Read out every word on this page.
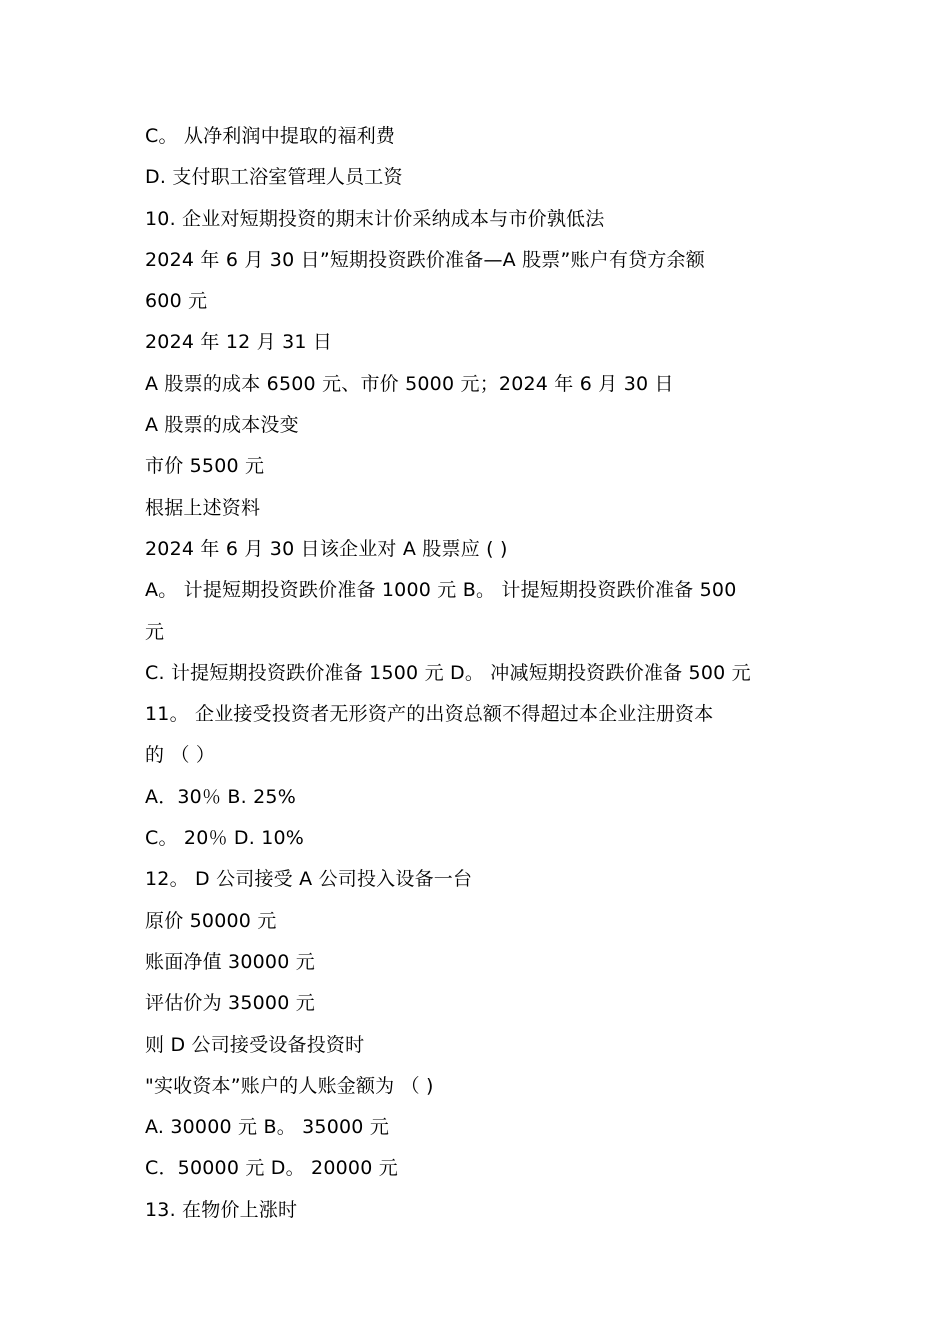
C。 从净利润中提取的福利费
D. 支付职工浴室管理人员工资
10. 企业对短期投资的期末计价采纳成本与市价孰低法
2024 年 6 月 30 日”短期投资跌价准备—A 股票”账户有贷方余额
600 元
2024 年 12 月 31 日
A 股票的成本 6500 元、市价 5000 元；2024 年 6 月 30 日
A 股票的成本没变
市价 5500 元
根据上述资料
2024 年 6 月 30 日该企业对 A 股票应 ( )
A。 计提短期投资跌价准备 1000 元 B。 计提短期投资跌价准备 500
元
C. 计提短期投资跌价准备 1500 元 D。 冲减短期投资跌价准备 500 元
11。 企业接受投资者无形资产的出资总额不得超过本企业注册资本
的 （ ）
A．30％ B. 25%
C。 20％ D. 10%
12。 D 公司接受 A 公司投入设备一台
原价 50000 元
账面净值 30000 元
评估价为 35000 元
则 D 公司接受设备投资时
"实收资本”账户的人账金额为 （ )
A. 30000 元 B。 35000 元
C．50000 元 D。 20000 元
13. 在物价上涨时
